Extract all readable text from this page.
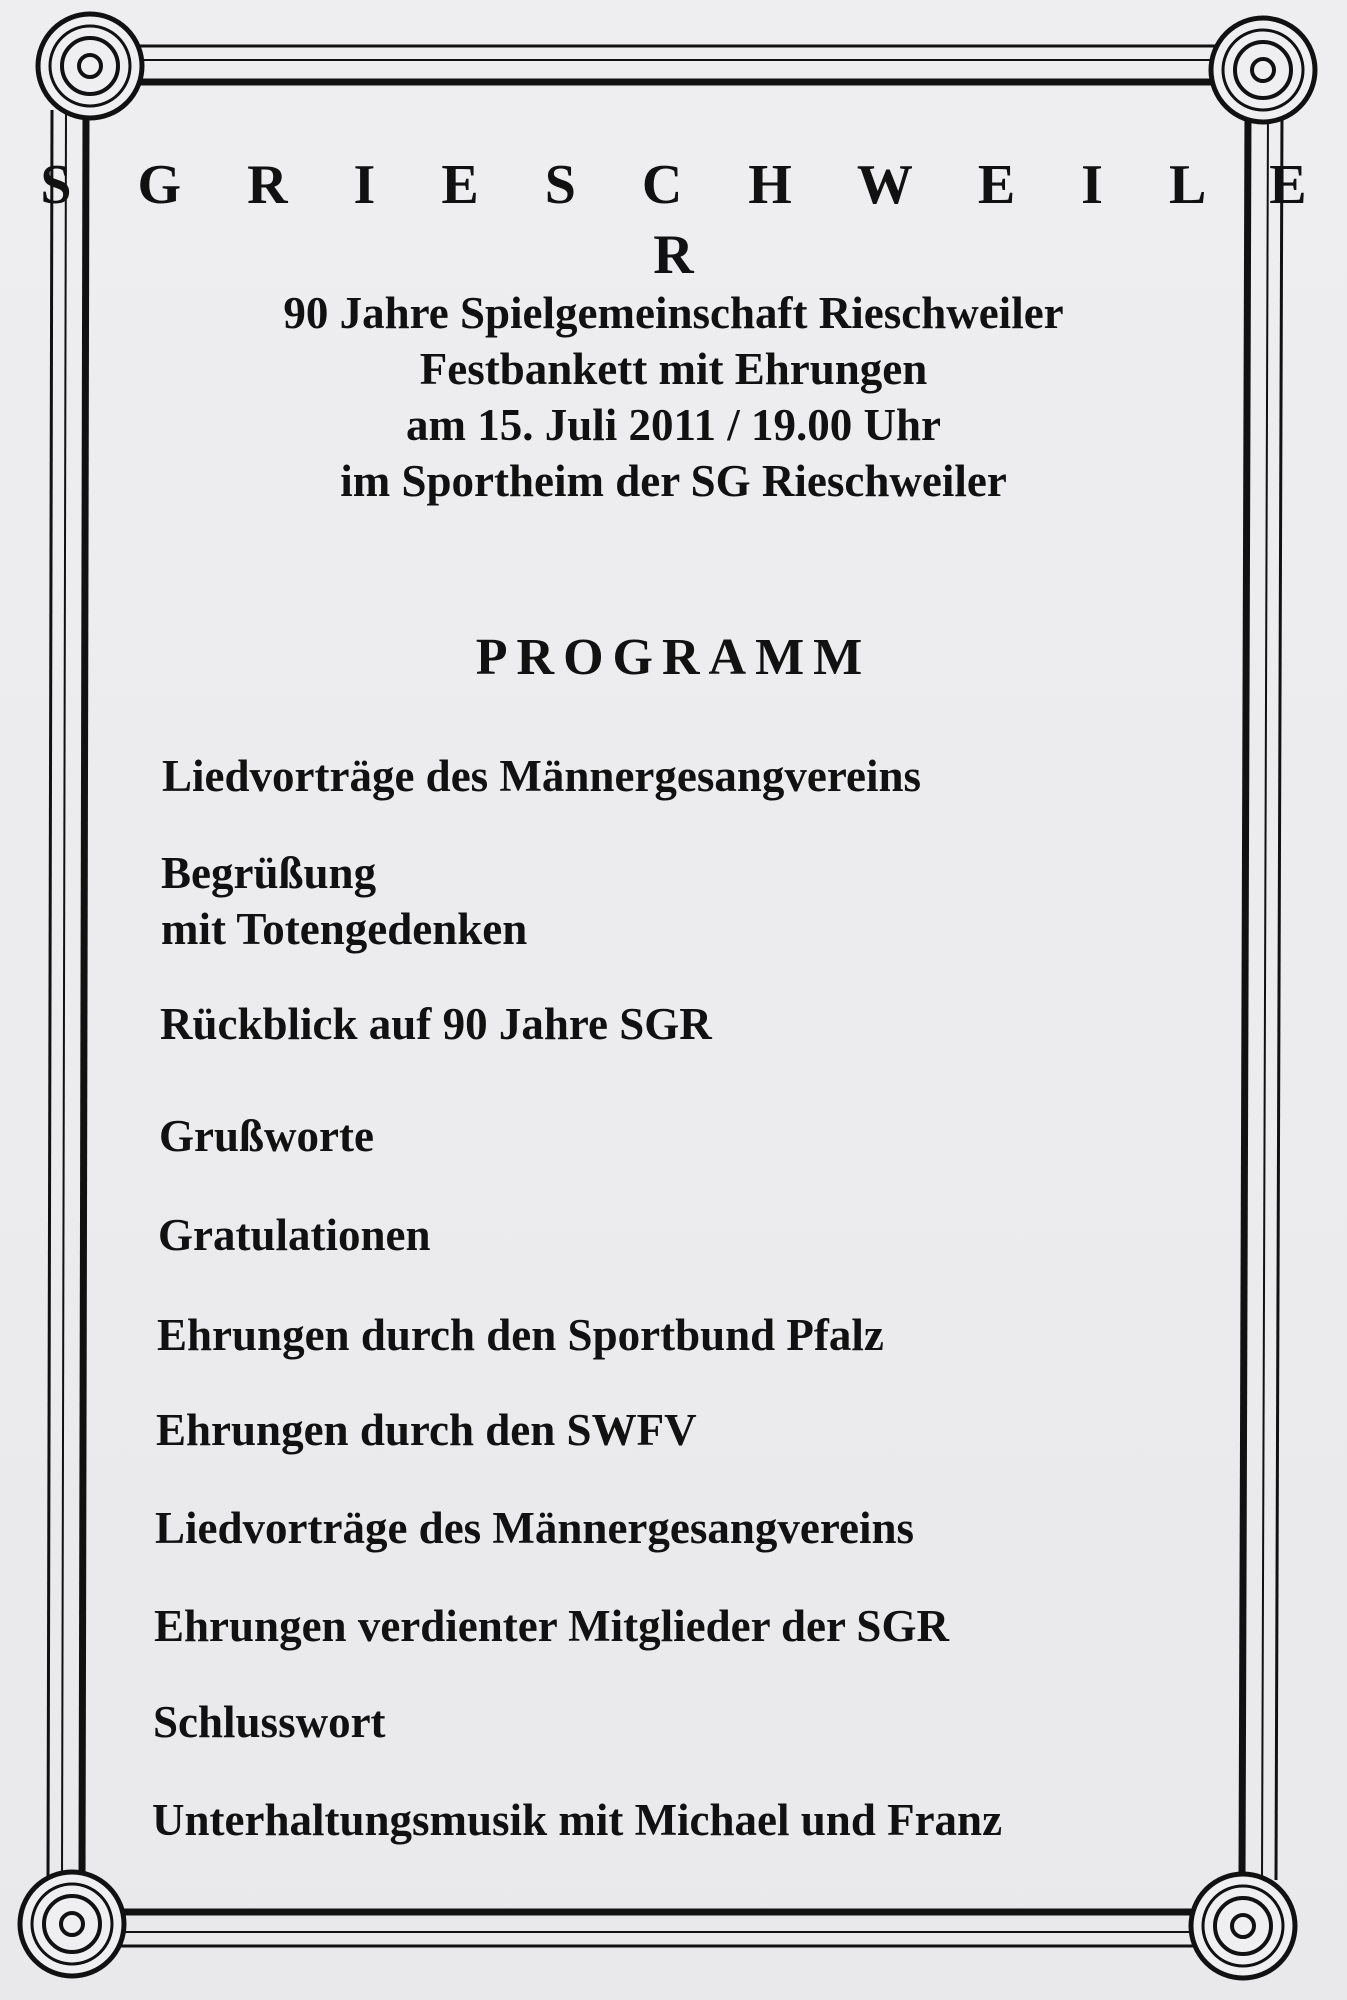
S G R I E S C H W E I L E R
90 Jahre Spielgemeinschaft Rieschweiler
Festbankett mit Ehrungen
am 15. Juli 2011 / 19.00 Uhr
im Sportheim der SG Rieschweiler
PROGRAMM
Liedvorträge des Männergesangvereins
Begrüßung
mit Totengedenken
Rückblick auf 90 Jahre SGR
Grußworte
Gratulationen
Ehrungen durch den Sportbund Pfalz
Ehrungen durch den SWFV
Liedvorträge des Männergesangvereins
Ehrungen verdienter Mitglieder der SGR
Schlusswort
Unterhaltungsmusik mit Michael und Franz
